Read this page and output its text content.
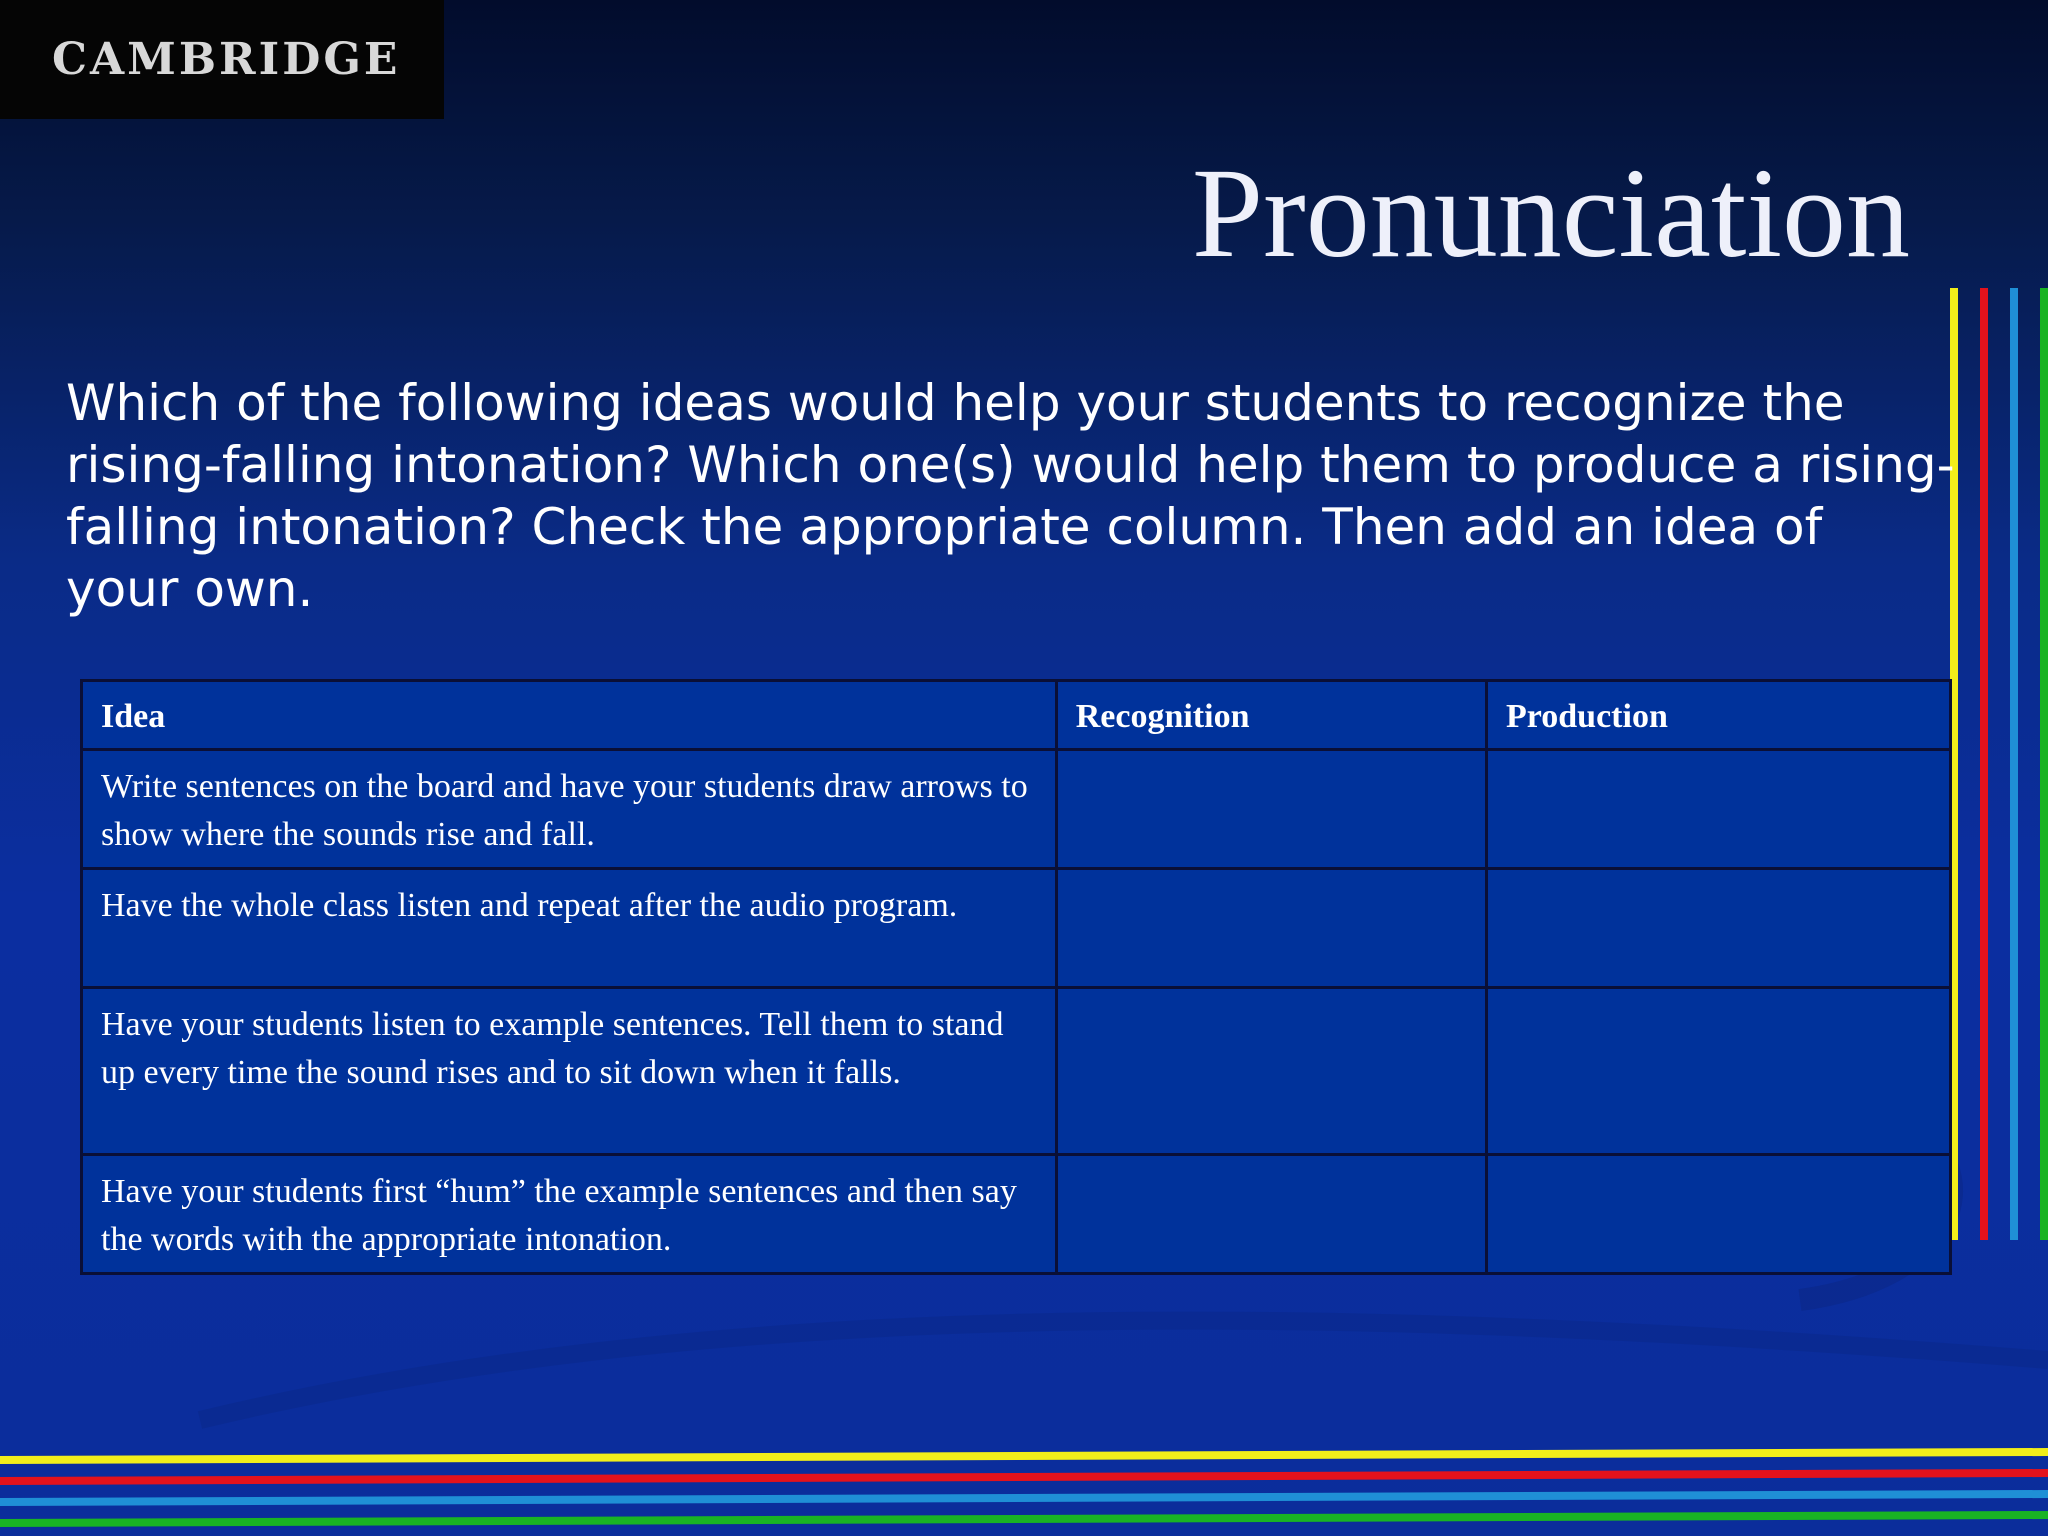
CAMBRIDGE
Pronunciation
Which of the following ideas would help your students to recognize the
rising-falling intonation? Which one(s) would help them to produce a rising-
falling intonation? Check the appropriate column. Then add an idea of
your own.
Idea	Recognition	Production
Write sentences on the board and have your students draw arrows to show where the sounds rise and fall.		
Have the whole class listen and repeat after the audio program.		
Have your students listen to example sentences. Tell them to stand up every time the sound rises and to sit down when it falls.		
Have your students first “hum” the example sentences and then say the words with the appropriate intonation.		
